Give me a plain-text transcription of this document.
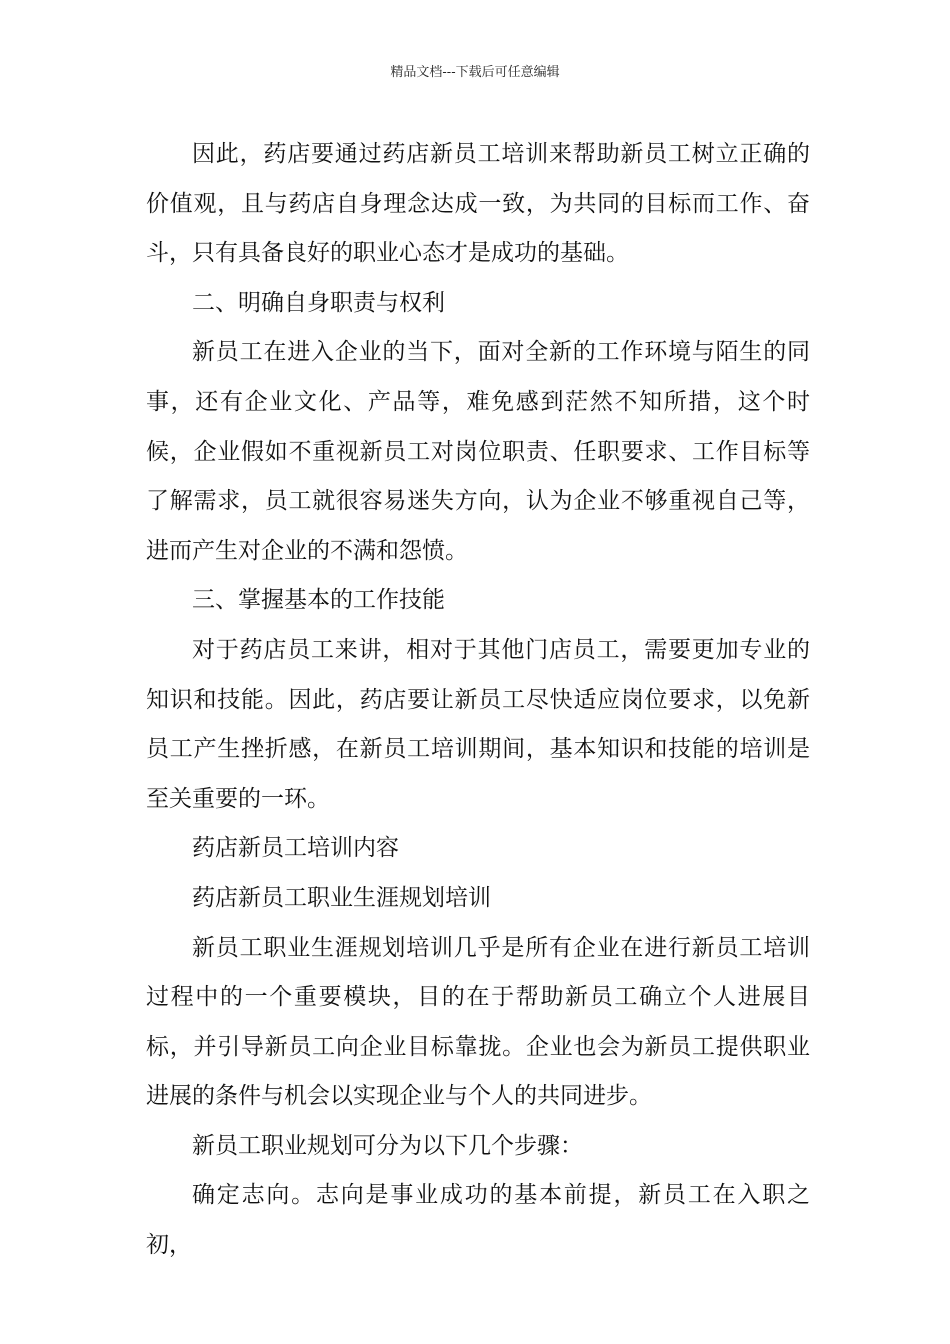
精品文档---下载后可任意编辑

因此，药店要通过药店新员工培训来帮助新员工树立正确的价值观，且与药店自身理念达成一致，为共同的目标而工作、奋斗，只有具备良好的职业心态才是成功的基础。

二、明确自身职责与权利

新员工在进入企业的当下，面对全新的工作环境与陌生的同事，还有企业文化、产品等，难免感到茫然不知所措，这个时候，企业假如不重视新员工对岗位职责、任职要求、工作目标等了解需求，员工就很容易迷失方向，认为企业不够重视自己等，进而产生对企业的不满和怨愤。

三、掌握基本的工作技能

对于药店员工来讲，相对于其他门店员工，需要更加专业的知识和技能。因此，药店要让新员工尽快适应岗位要求，以免新员工产生挫折感，在新员工培训期间，基本知识和技能的培训是至关重要的一环。

药店新员工培训内容

药店新员工职业生涯规划培训

新员工职业生涯规划培训几乎是所有企业在进行新员工培训过程中的一个重要模块，目的在于帮助新员工确立个人进展目标，并引导新员工向企业目标靠拢。企业也会为新员工提供职业进展的条件与机会以实现企业与个人的共同进步。

新员工职业规划可分为以下几个步骤：

确定志向。志向是事业成功的基本前提，新员工在入职之初，
